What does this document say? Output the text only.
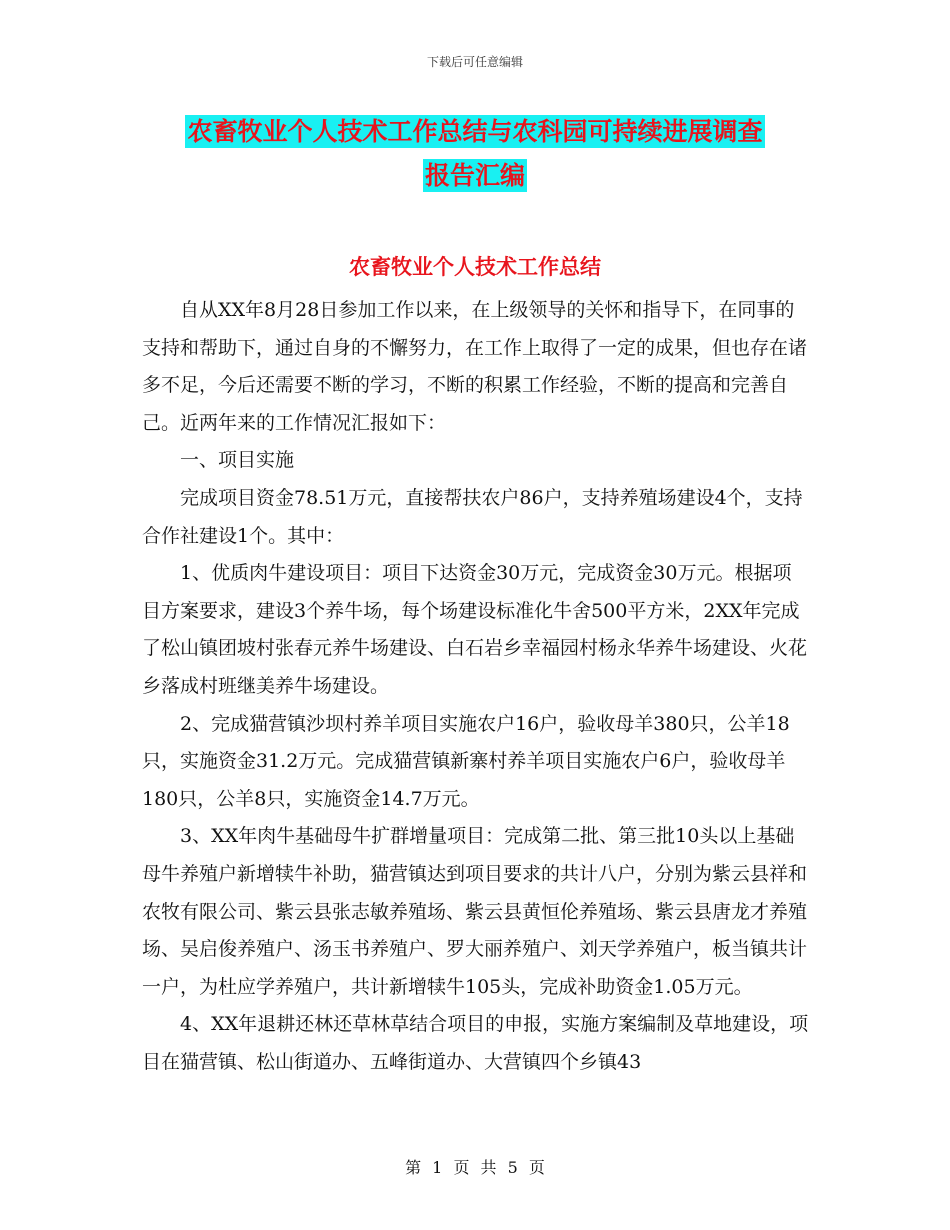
下载后可任意编辑
农畜牧业个人技术工作总结与农科园可持续进展调查
报告汇编
农畜牧业个人技术工作总结

自从XX年8月28日参加工作以来，在上级领导的关怀和指导下，在同事的支持和帮助下，通过自身的不懈努力，在工作上取得了一定的成果，但也存在诸多不足，今后还需要不断的学习，不断的积累工作经验，不断的提高和完善自己。近两年来的工作情况汇报如下：

一、项目实施

完成项目资金78.51万元，直接帮扶农户86户，支持养殖场建设4个，支持合作社建设1个。其中：

1、优质肉牛建设项目：项目下达资金30万元，完成资金30万元。根据项目方案要求，建设3个养牛场，每个场建设标准化牛舍500平方米，2XX年完成了松山镇团坡村张春元养牛场建设、白石岩乡幸福园村杨永华养牛场建设、火花乡落成村班继美养牛场建设。

2、完成猫营镇沙坝村养羊项目实施农户16户，验收母羊380只，公羊18只，实施资金31.2万元。完成猫营镇新寨村养羊项目实施农户6户，验收母羊180只，公羊8只，实施资金14.7万元。

3、XX年肉牛基础母牛扩群增量项目：完成第二批、第三批10头以上基础母牛养殖户新增犊牛补助，猫营镇达到项目要求的共计八户，分别为紫云县祥和农牧有限公司、紫云县张志敏养殖场、紫云县黄恒伦养殖场、紫云县唐龙才养殖场、吴启俊养殖户、汤玉书养殖户、罗大丽养殖户、刘天学养殖户，板当镇共计一户，为杜应学养殖户，共计新增犊牛105头，完成补助资金1.05万元。

4、XX年退耕还林还草林草结合项目的申报，实施方案编制及草地建设，项目在猫营镇、松山街道办、五峰街道办、大营镇四个乡镇43

第 1 页 共 5 页
